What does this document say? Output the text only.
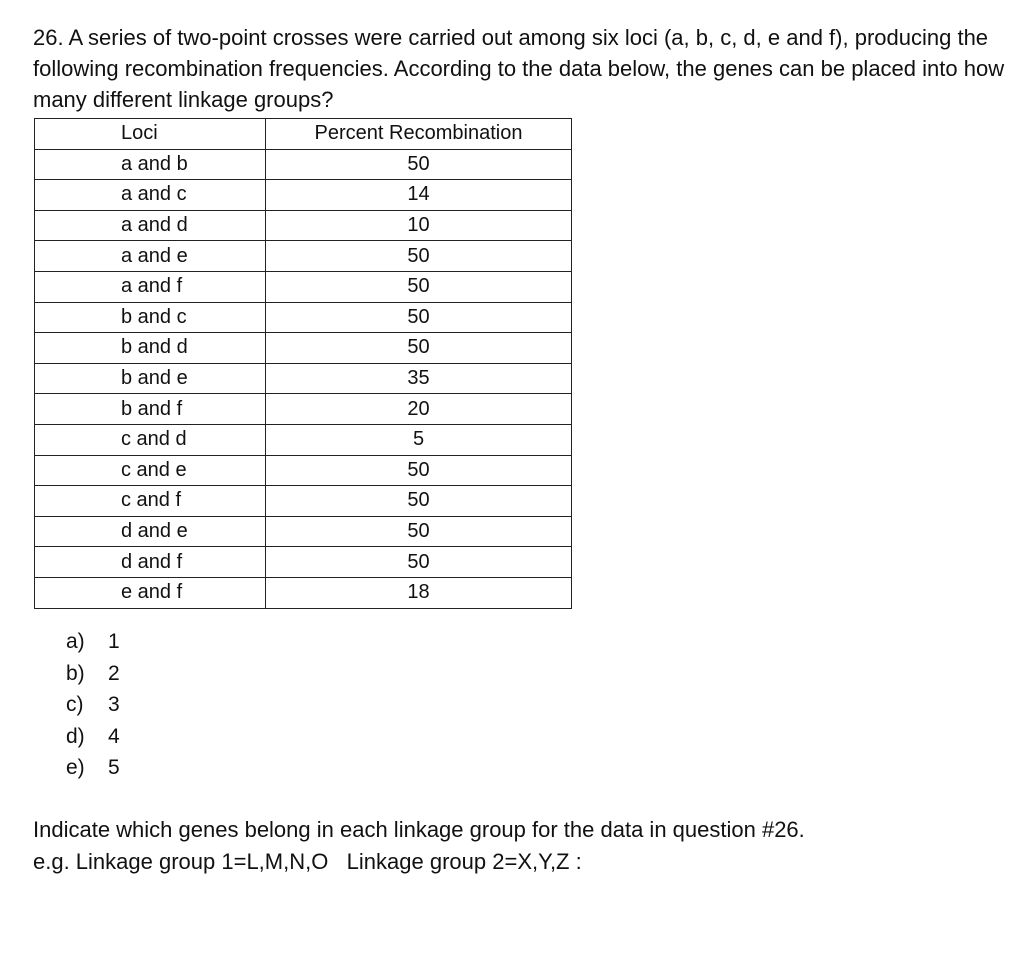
26. A series of two-point crosses were carried out among six loci (a, b, c, d, e and f), producing the following recombination frequencies. According to the data below, the genes can be placed into how many different linkage groups?

Loci	Percent Recombination
a and b	50
a and c	14
a and d	10
a and e	50
a and f	50
b and c	50
b and d	50
b and e	35
b and f	20
c and d	5
c and e	50
c and f	50
d and e	50
d and f	50
e and f	18
a)	1
b)	2
c)	3
d)	4
e)	5

Indicate which genes belong in each linkage group for the data in question #26.

e.g. Linkage group 1=L,M,N,O   Linkage group 2=X,Y,Z :
